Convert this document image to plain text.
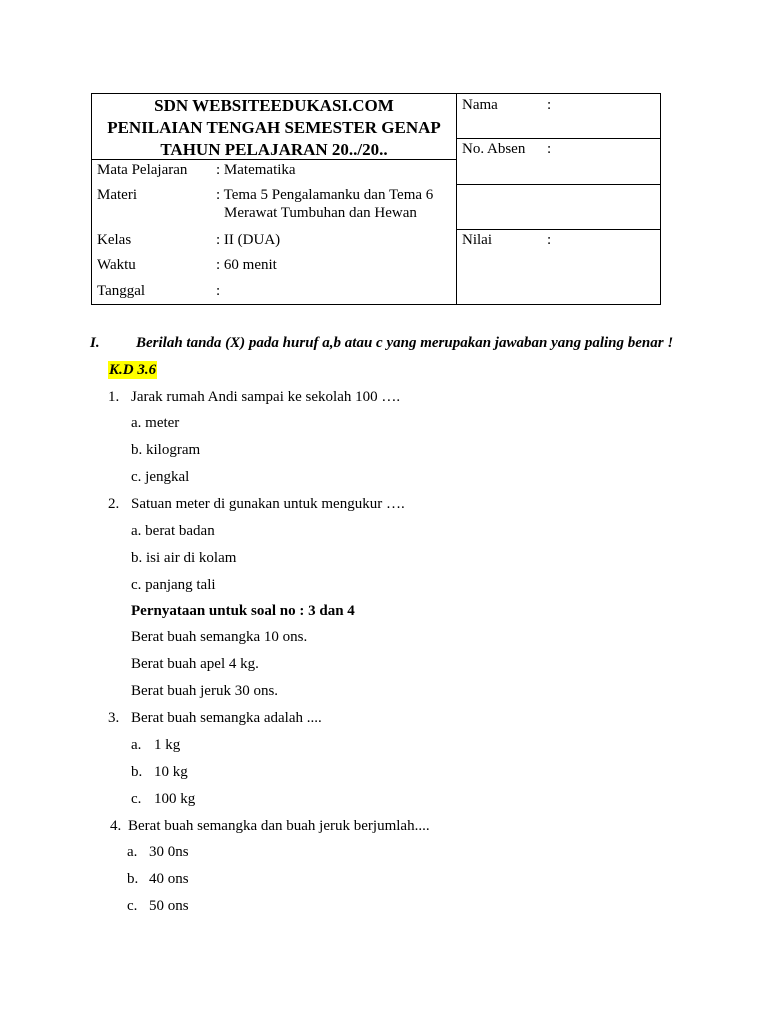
SDN WEBSITEEDUKASI.COM
PENILAIAN TENGAH SEMESTER GENAP
TAHUN PELAJARAN 20../20..
Mata Pelajaran : Matematika
Materi	: Tema 5 Pengalamanku dan Tema 6
Merawat Tumbuhan dan Hewan
Kelas	: II (DUA)
Waktu	: 60 menit
Tanggal	:
Nama	:
No. Absen :
Nilai	:
I. Berilah tanda (X) pada huruf a,b atau c yang merupakan jawaban yang paling benar !
K.D 3.6
1. Jarak rumah Andi sampai ke sekolah 100 ….
a. meter
b. kilogram
c. jengkal
2. Satuan meter di gunakan untuk mengukur ….
a. berat badan
b. isi air di kolam
c. panjang tali
Pernyataan untuk soal no : 3 dan 4
Berat buah semangka 10 ons.
Berat buah apel 4 kg.
Berat buah jeruk 30 ons.
3. Berat buah semangka adalah ....
a. 1 kg
b. 10 kg
c. 100 kg
4. Berat buah semangka dan buah jeruk berjumlah....
a. 30 0ns
b. 40 ons
c. 50 ons
